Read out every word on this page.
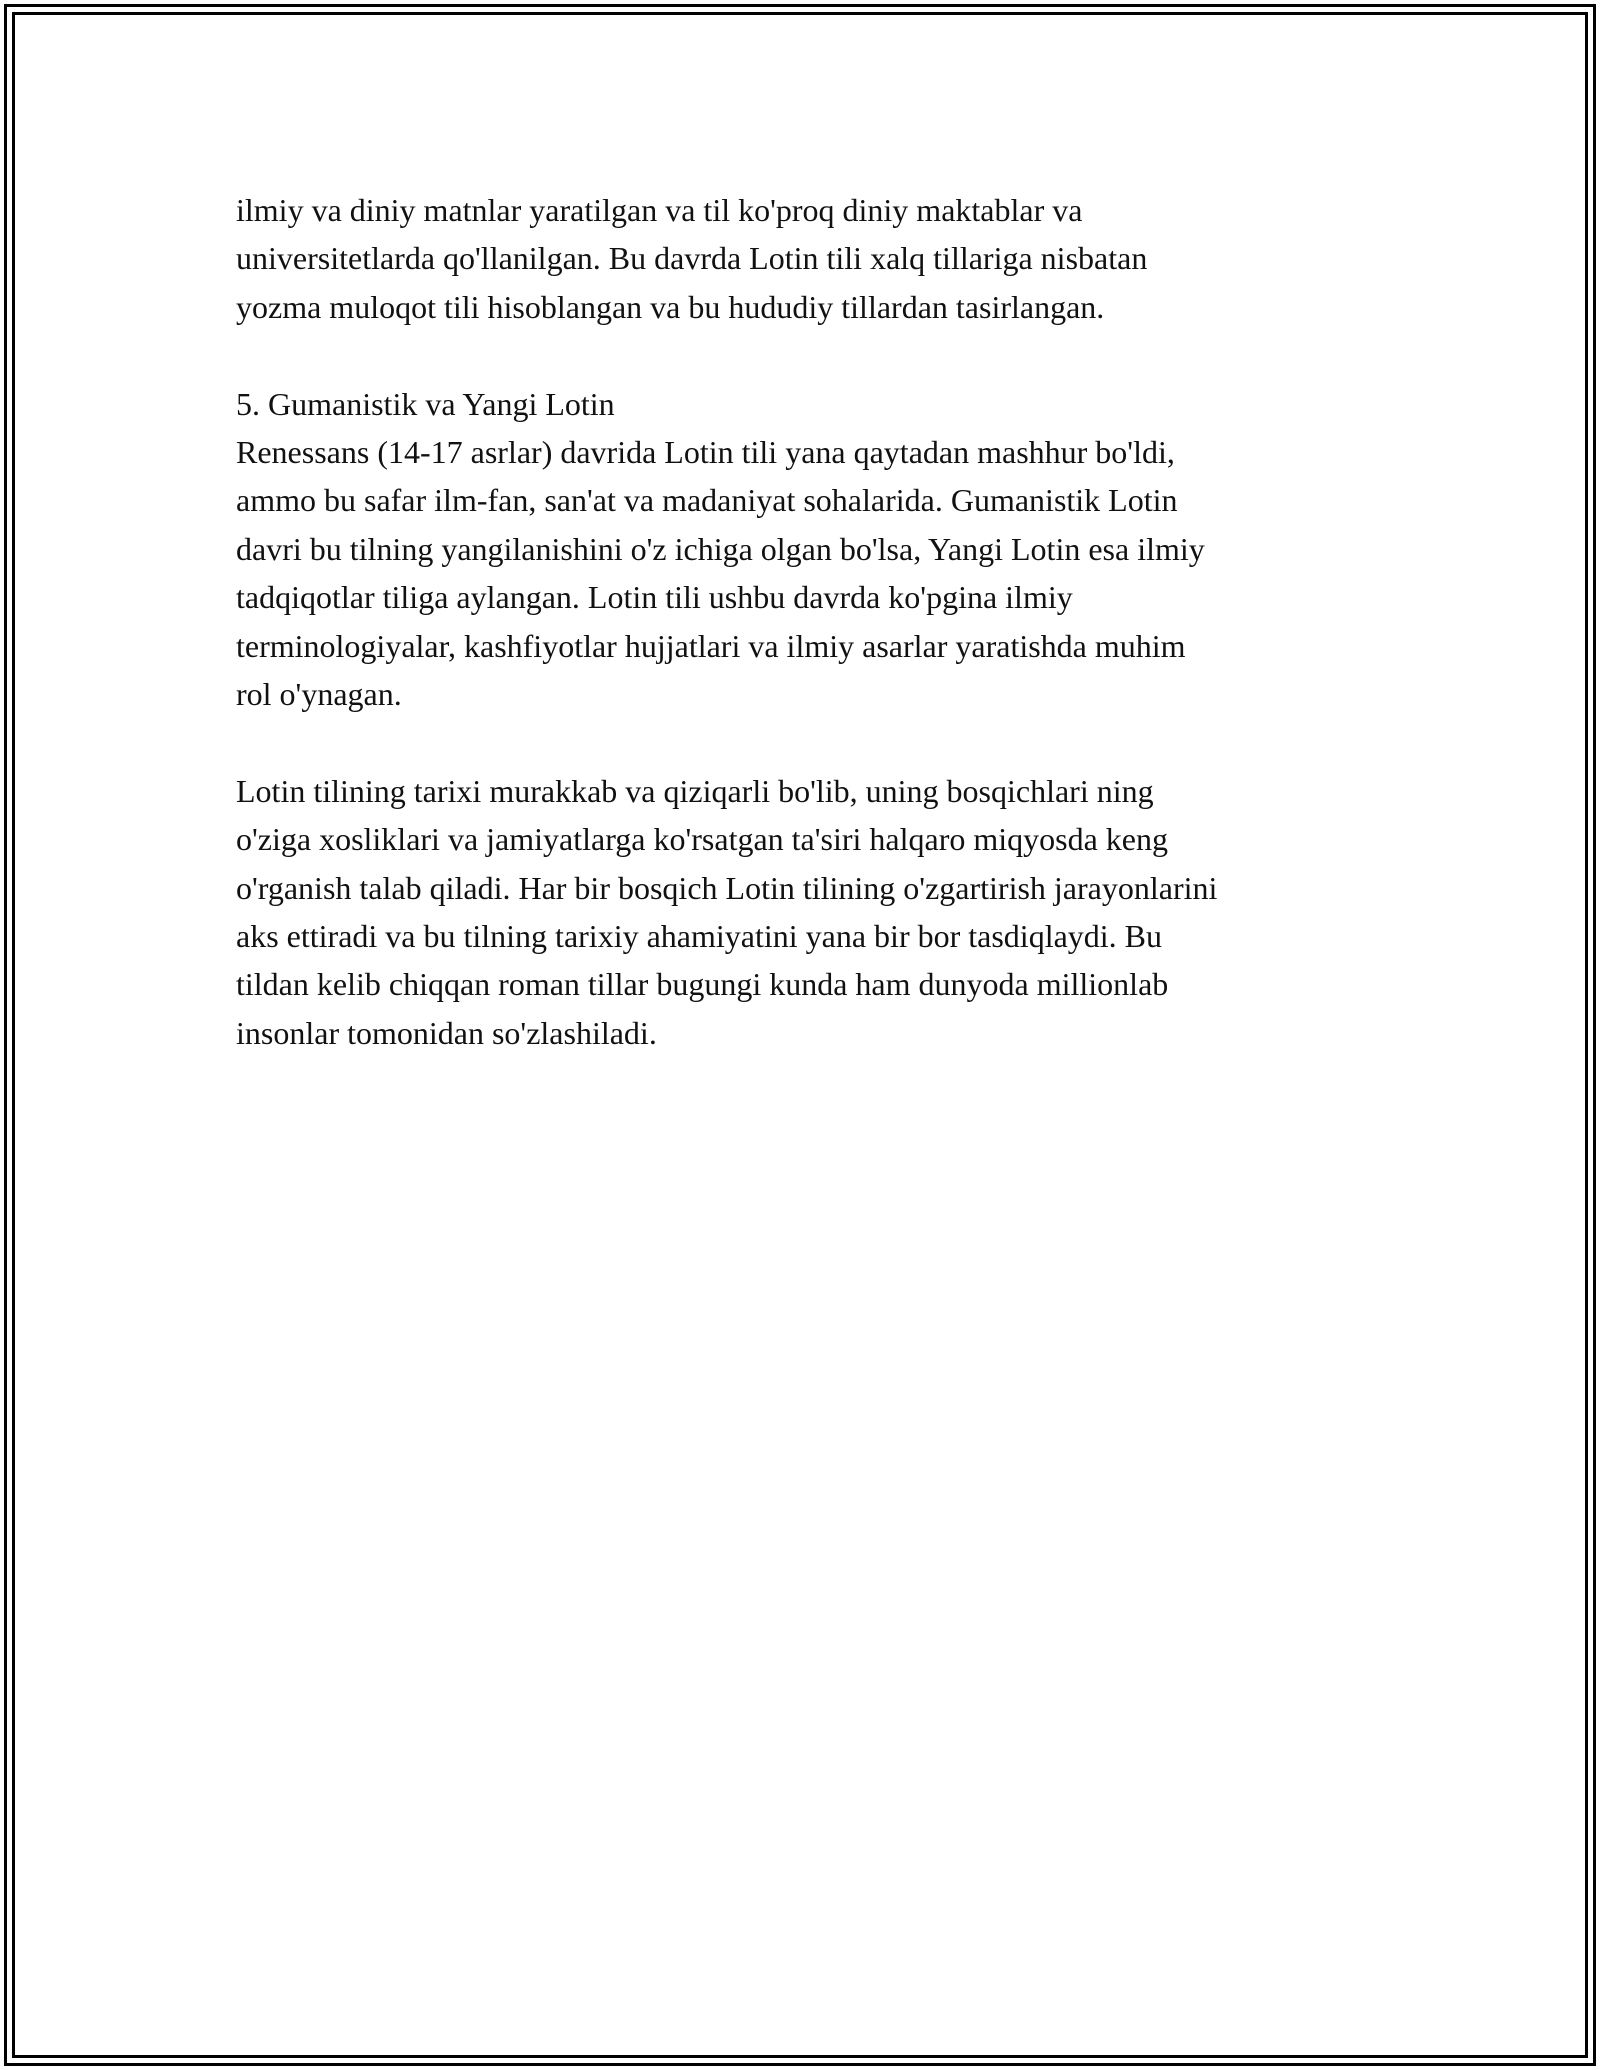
ilmiy va diniy matnlar yaratilgan va til ko'proq diniy maktablar va
universitetlarda qo'llanilgan. Bu davrda Lotin tili xalq tillariga nisbatan
yozma muloqot tili hisoblangan va bu hududiy tillardan tasirlangan.

5. Gumanistik va Yangi Lotin

Renessans (14-17 asrlar) davrida Lotin tili yana qaytadan mashhur bo'ldi,
ammo bu safar ilm-fan, san'at va madaniyat sohalarida. Gumanistik Lotin
davri bu tilning yangilanishini o'z ichiga olgan bo'lsa, Yangi Lotin esa ilmiy
tadqiqotlar tiliga aylangan. Lotin tili ushbu davrda ko'pgina ilmiy
terminologiyalar, kashfiyotlar hujjatlari va ilmiy asarlar yaratishda muhim
rol o'ynagan.

Lotin tilining tarixi murakkab va qiziqarli bo'lib, uning bosqichlari ning
o'ziga xosliklari va jamiyatlarga ko'rsatgan ta'siri halqaro miqyosda keng
o'rganish talab qiladi. Har bir bosqich Lotin tilining o'zgartirish jarayonlarini
aks ettiradi va bu tilning tarixiy ahamiyatini yana bir bor tasdiqlaydi. Bu
tildan kelib chiqqan roman tillar bugungi kunda ham dunyoda millionlab
insonlar tomonidan so'zlashiladi.
